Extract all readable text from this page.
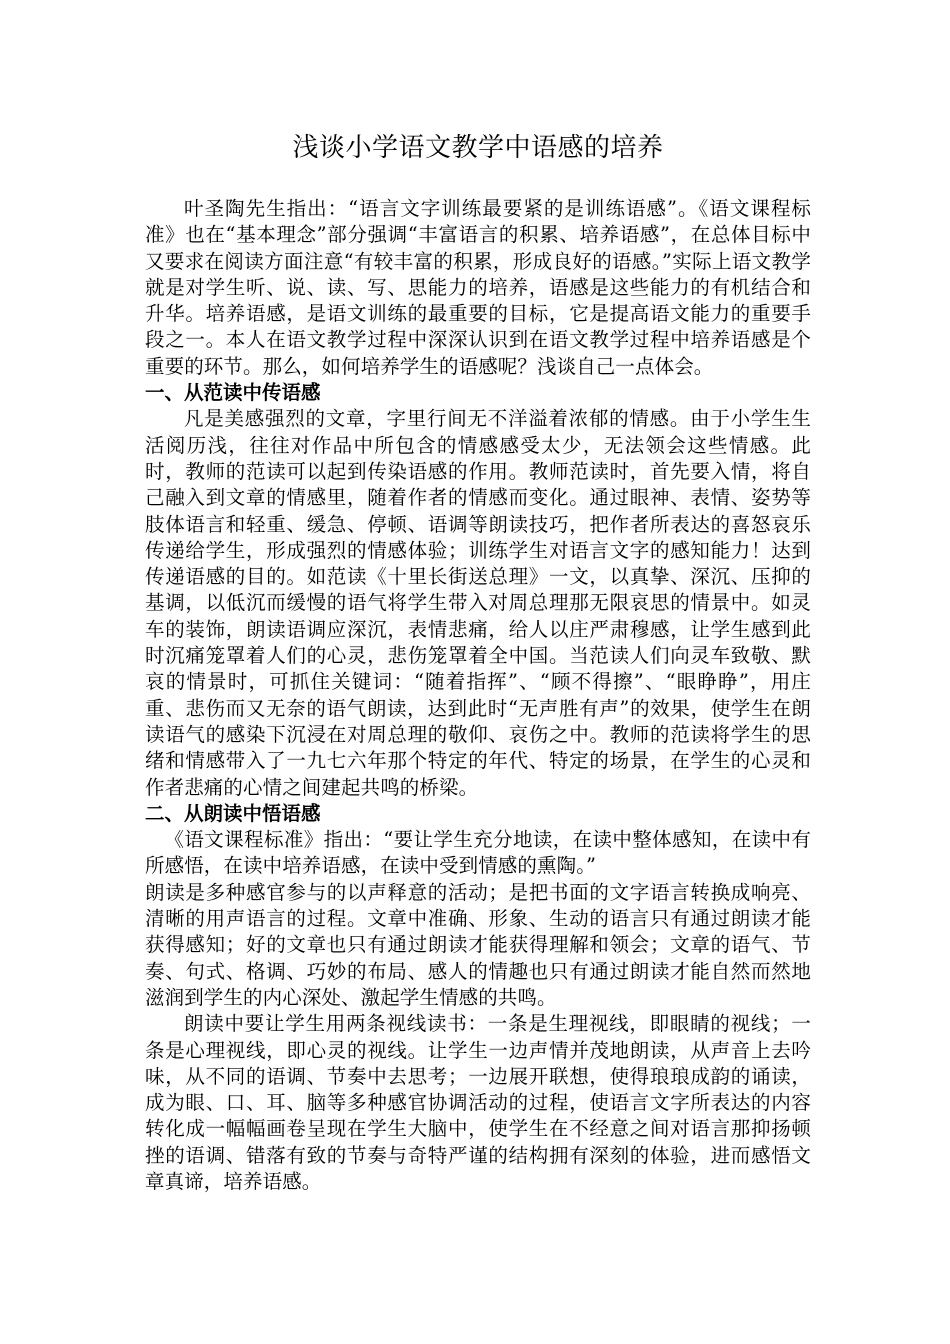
浅谈小学语文教学中语感的培养

叶圣陶先生指出：“语言文字训练最要紧的是训练语感”。《语文课程标准》也在“基本理念”部分强调“丰富语言的积累、培养语感”，在总体目标中又要求在阅读方面注意“有较丰富的积累，形成良好的语感。”实际上语文教学就是对学生听、说、读、写、思能力的培养，语感是这些能力的有机结合和升华。培养语感，是语文训练的最重要的目标，它是提高语文能力的重要手段之一。本人在语文教学过程中深深认识到在语文教学过程中培养语感是个重要的环节。那么，如何培养学生的语感呢？浅谈自己一点体会。

一、从范读中传语感

凡是美感强烈的文章，字里行间无不洋溢着浓郁的情感。由于小学生生活阅历浅，往往对作品中所包含的情感感受太少，无法领会这些情感。此时，教师的范读可以起到传染语感的作用。教师范读时，首先要入情，将自己融入到文章的情感里，随着作者的情感而变化。通过眼神、表情、姿势等肢体语言和轻重、缓急、停顿、语调等朗读技巧，把作者所表达的喜怒哀乐传递给学生，形成强烈的情感体验；训练学生对语言文字的感知能力！达到传递语感的目的。如范读《十里长街送总理》一文，以真挚、深沉、压抑的基调，以低沉而缓慢的语气将学生带入对周总理那无限哀思的情景中。如灵车的装饰，朗读语调应深沉，表情悲痛，给人以庄严肃穆感，让学生感到此时沉痛笼罩着人们的心灵，悲伤笼罩着全中国。当范读人们向灵车致敬、默哀的情景时，可抓住关键词：“随着指挥”、“顾不得擦”、“眼睁睁”，用庄重、悲伤而又无奈的语气朗读，达到此时“无声胜有声”的效果，使学生在朗读语气的感染下沉浸在对周总理的敬仰、哀伤之中。教师的范读将学生的思绪和情感带入了一九七六年那个特定的年代、特定的场景，在学生的心灵和作者悲痛的心情之间建起共鸣的桥梁。

二、从朗读中悟语感

《语文课程标准》指出：“要让学生充分地读，在读中整体感知，在读中有所感悟，在读中培养语感，在读中受到情感的熏陶。”

朗读是多种感官参与的以声释意的活动；是把书面的文字语言转换成响亮、清晰的用声语言的过程。文章中准确、形象、生动的语言只有通过朗读才能获得感知；好的文章也只有通过朗读才能获得理解和领会；文章的语气、节奏、句式、格调、巧妙的布局、感人的情趣也只有通过朗读才能自然而然地滋润到学生的内心深处、激起学生情感的共鸣。

朗读中要让学生用两条视线读书：一条是生理视线，即眼睛的视线；一条是心理视线，即心灵的视线。让学生一边声情并茂地朗读，从声音上去吟味，从不同的语调、节奏中去思考；一边展开联想，使得琅琅成韵的诵读，成为眼、口、耳、脑等多种感官协调活动的过程，使语言文字所表达的内容转化成一幅幅画卷呈现在学生大脑中，使学生在不经意之间对语言那抑扬顿挫的语调、错落有致的节奏与奇特严谨的结构拥有深刻的体验，进而感悟文章真谛，培养语感。
